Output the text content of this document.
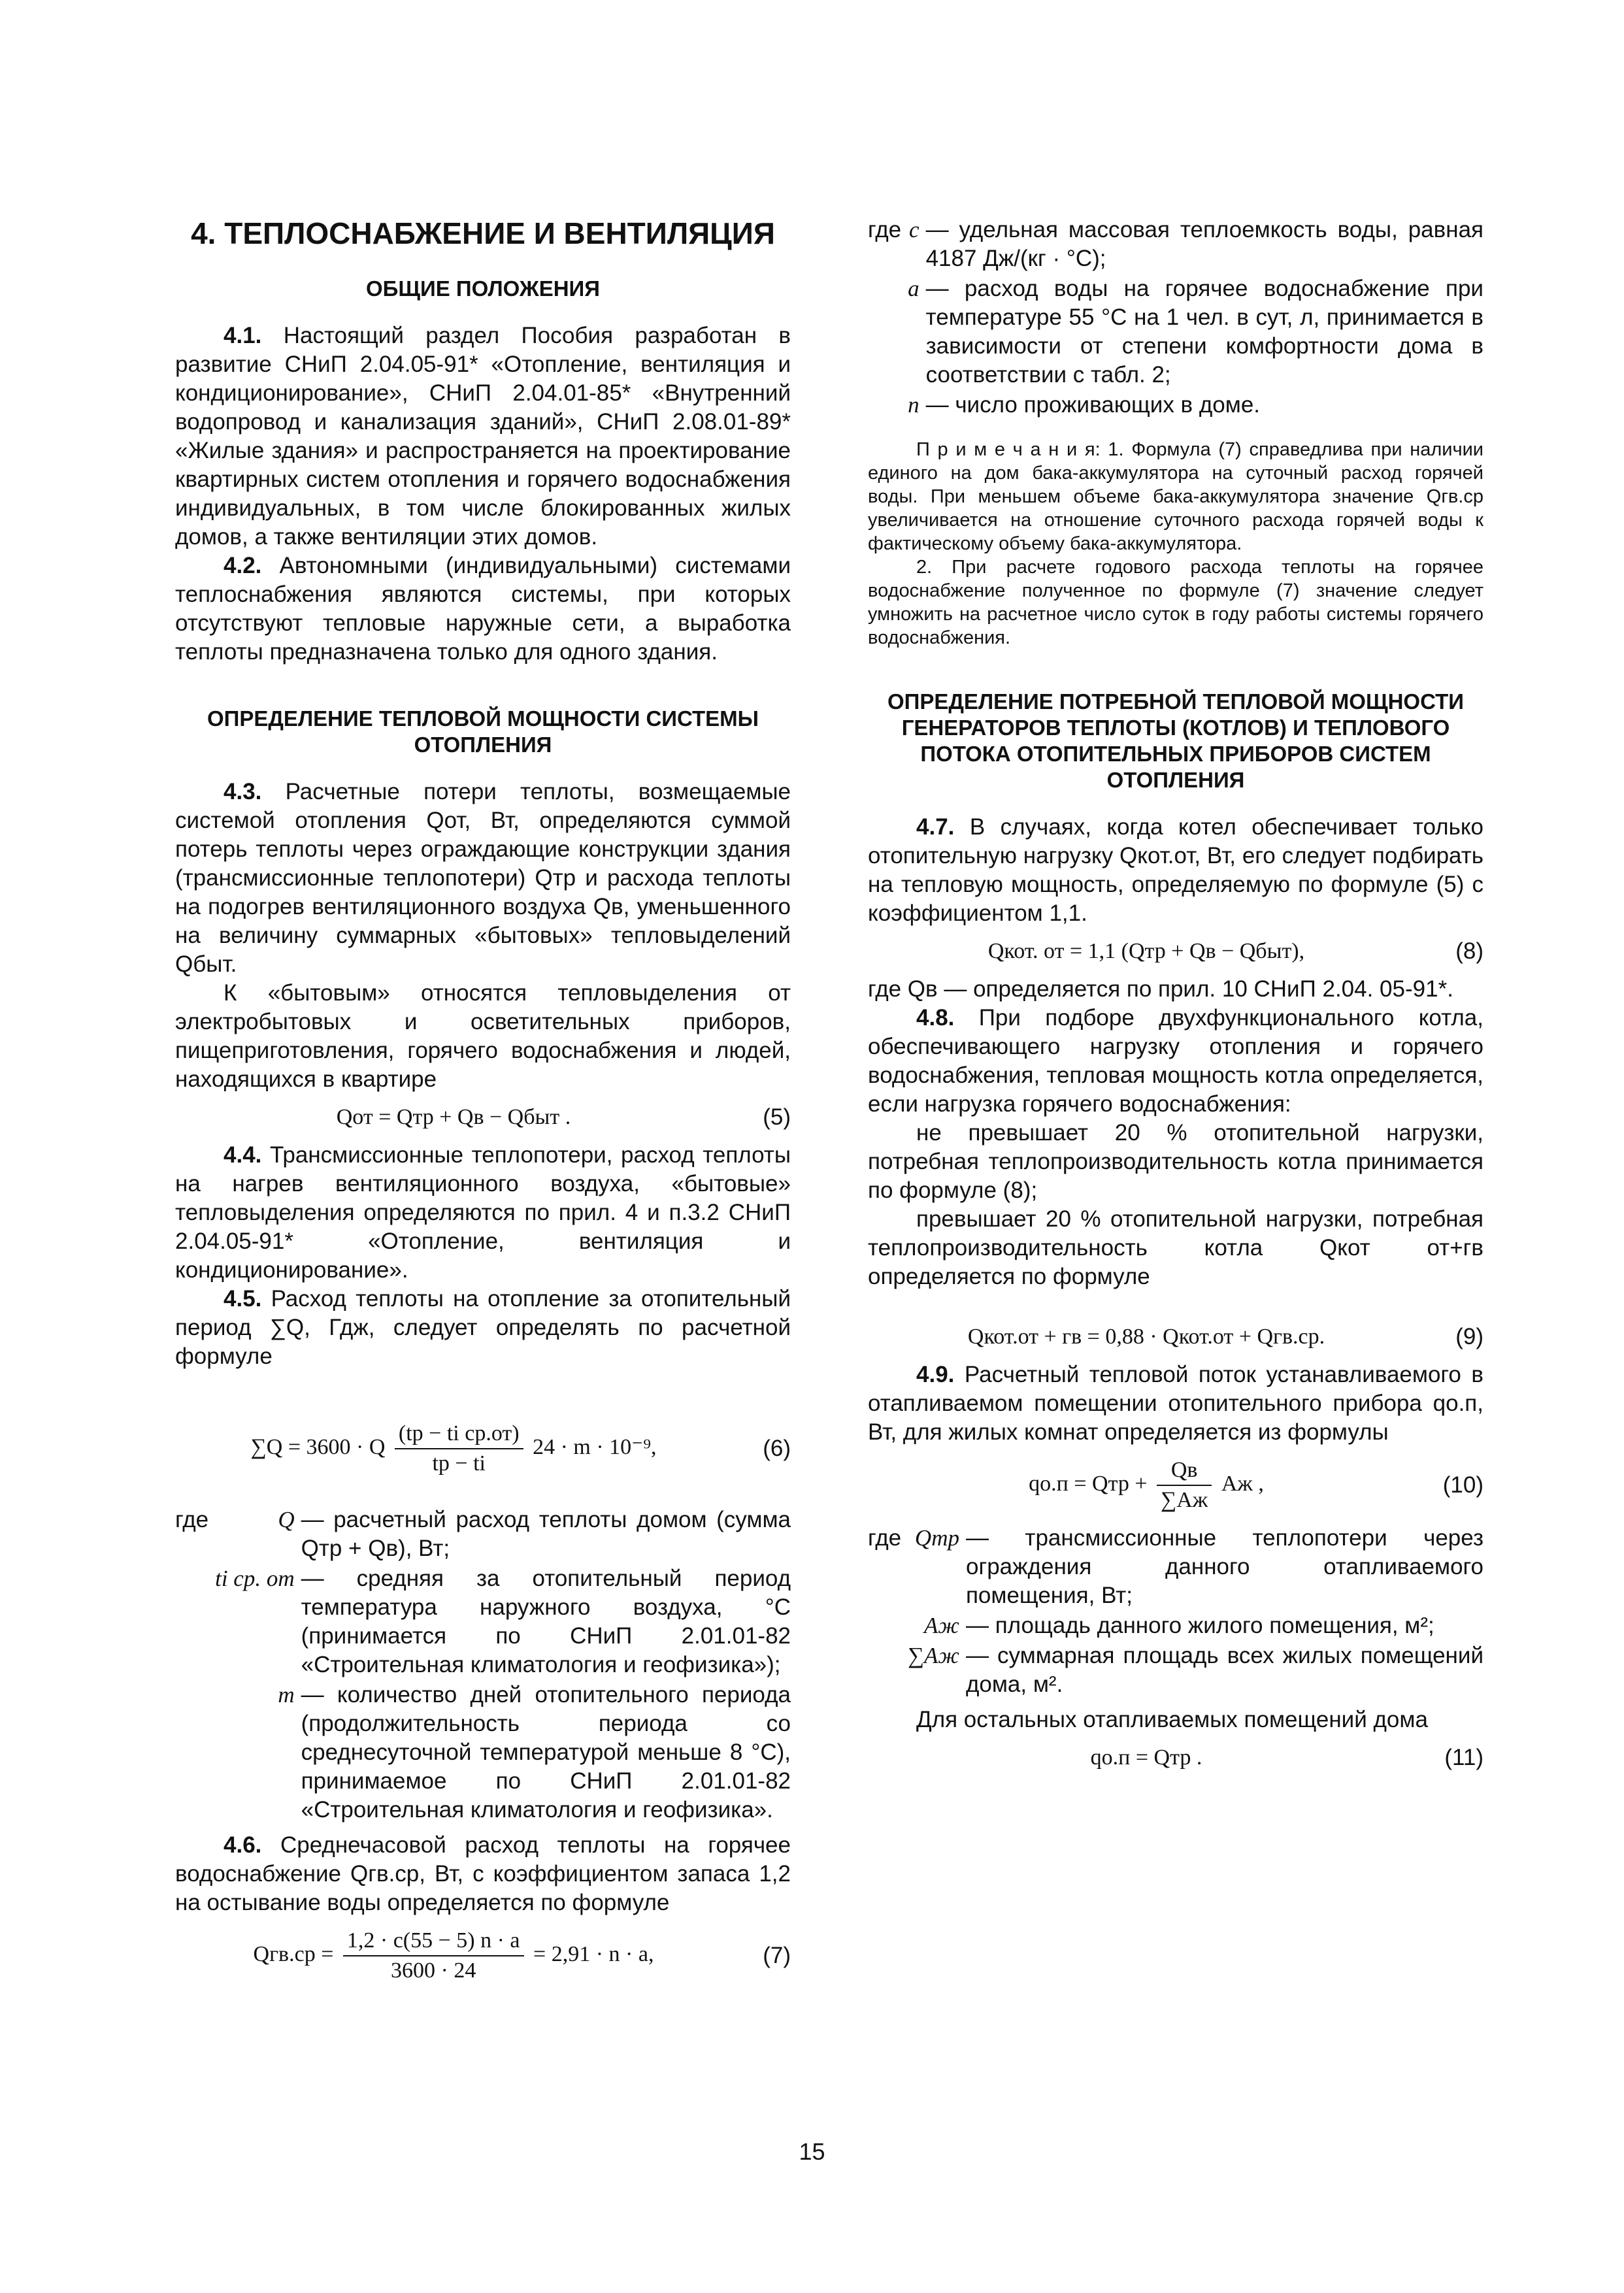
4. ТЕПЛОСНАБЖЕНИЕ И ВЕНТИЛЯЦИЯ
ОБЩИЕ ПОЛОЖЕНИЯ

4.1. Настоящий раздел Пособия разработан в развитие СНиП 2.04.05-91* «Отопление, вентиляция и кондиционирование», СНиП 2.04.01-85* «Внутренний водопровод и канализация зданий», СНиП 2.08.01-89* «Жилые здания» и распространяется на проектирование квартирных систем отопления и горячего водоснабжения индивидуальных, в том числе блокированных жилых домов, а также вентиляции этих домов.

4.2. Автономными (индивидуальными) системами теплоснабжения являются системы, при которых отсутствуют тепловые наружные сети, а выработка теплоты предназначена только для одного здания.

ОПРЕДЕЛЕНИЕ ТЕПЛОВОЙ МОЩНОСТИ СИСТЕМЫ ОТОПЛЕНИЯ

4.3. Расчетные потери теплоты, возмещаемые системой отопления Qот, Вт, определяются суммой потерь теплоты через ограждающие конструкции здания (трансмиссионные теплопотери) Qтр и расхода теплоты на подогрев вентиляционного воздуха Qв, уменьшенного на величину суммарных «бытовых» тепловыделений Qбыт.

К «бытовым» относятся тепловыделения от электробытовых и осветительных приборов, пищеприготовления, горячего водоснабжения и людей, находящихся в квартире

Qот = Qтр + Qв − Qбыт .	(5)

4.4. Трансмиссионные теплопотери, расход теплоты на нагрев вентиляционного воздуха, «бытовые» тепловыделения определяются по прил. 4 и п.3.2 СНиП 2.04.05-91* «Отопление, вентиляция и кондиционирование».

4.5. Расход теплоты на отопление за отопительный период ∑Q, Гдж, следует определять по расчетной формуле

∑Q = 3600 · Q $\frac{\text{(tр − ti ср.от)}}{tр - ti} 24 \cdot m \cdot 10^{-9}$,	(6)
где	Q — расчетный расход теплоты домом (сумма Qтр + Qв), Вт;
ti ср. от — средняя за отопительный период температура наружного воздуха, °С (принимается по СНиП 2.01.01-82 «Строительная климатология и геофизика»);
m — количество дней отопительного периода (продолжительность периода со среднесуточной температурой меньше 8 °С), принимаемое по СНиП 2.01.01-82 «Строительная климатология и геофизика».

4.6. Среднечасовой расход теплоты на горячее водоснабжение Qгв.ср, Вт, с коэффициентом запаса 1,2 на остывание воды определяется по формуле

$Qгв.ср = \frac{1,2 \cdot c(55 - 5) n \cdot a}{3600 \cdot 24} = 2,91 \cdot n \cdot a$,	(7)
где c — удельная массовая теплоемкость воды, равная 4187 Дж/(кг · °С);
a — расход воды на горячее водоснабжение при температуре 55 °С на 1 чел. в сут, л, принимается в зависимости от степени комфортности дома в соответствии с табл. 2;
n — число проживающих в доме.

П р и м е ч а н и я: 1. Формула (7) справедлива при наличии единого на дом бака-аккумулятора на суточный расход горячей воды. При меньшем объеме бака-аккумулятора значение Qгв.ср увеличивается на отношение суточного расхода горячей воды к фактическому объему бака-аккумулятора.

2. При расчете годового расхода теплоты на горячее водоснабжение полученное по формуле (7) значение следует умножить на расчетное число суток в году работы системы горячего водоснабжения.

ОПРЕДЕЛЕНИЕ ПОТРЕБНОЙ ТЕПЛОВОЙ МОЩНОСТИ ГЕНЕРАТОРОВ ТЕПЛОТЫ (КОТЛОВ) И ТЕПЛОВОГО ПОТОКА ОТОПИТЕЛЬНЫХ ПРИБОРОВ СИСТЕМ ОТОПЛЕНИЯ

4.7. В случаях, когда котел обеспечивает только отопительную нагрузку Qкот.от, Вт, его следует подбирать на тепловую мощность, определяемую по формуле (5) с коэффициентом 1,1.

Qкот. от = 1,1 (Qтр + Qв − Qбыт),	(8)

где Qв — определяется по прил. 10 СНиП 2.04. 05-91*.

4.8. При подборе двухфункционального котла, обеспечивающего нагрузку отопления и горячего водоснабжения, тепловая мощность котла определяется, если нагрузка горячего водоснабжения:

не превышает 20 % отопительной нагрузки, потребная теплопроизводительность котла принимается по формуле (8);

превышает 20 % отопительной нагрузки, потребная теплопроизводительность котла Qкот от+гв определяется по формуле

Qкот.от + гв = 0,88 · Qкот.от + Qгв.ср.	(9)

4.9. Расчетный тепловой поток устанавливаемого в отапливаемом помещении отопительного прибора qо.п, Вт, для жилых комнат определяется из формулы

qо.п = Qтр + $\frac{Qв}{\sum Aж}$ Aж ,	(10)
где Qтр — трансмиссионные теплопотери через ограждения данного отапливаемого помещения, Вт;
Aж — площадь данного жилого помещения, м²;
∑Aж — суммарная площадь всех жилых помещений дома, м².

Для остальных отапливаемых помещений дома

qо.п = Qтр .	(11)
15
